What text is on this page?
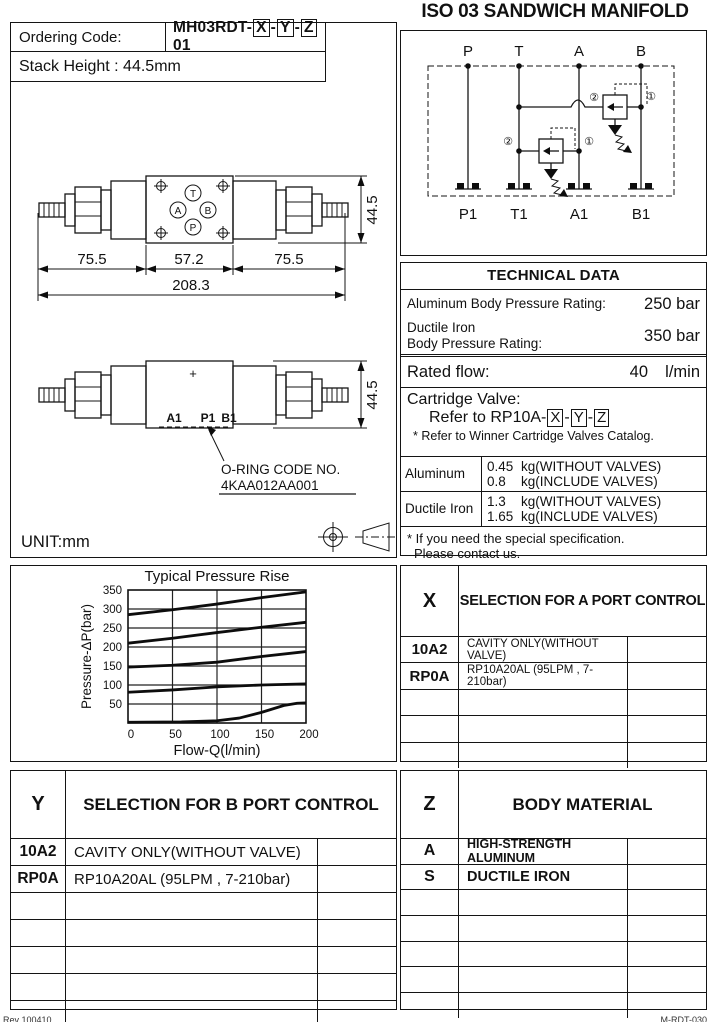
T
A B
P
75.5	57.2	75.5
208.3
44.5
+
A1 P1 B1
O-RING CODE NO.
4KAA012AA001
44.5
UNIT:mm
Ordering Code:
MH03RDT- X - Y - Z01
Stack Height : 44.5mm
ISO 03 SANDWICH MANIFOLD
P	T	A	B
P1 T1	A1	B1
②	①
②	①
TECHNICAL DATA
Aluminum Body Pressure Rating:	250 bar
Ductile Iron
Body Pressure Rating:	350 bar
Rated flow:	40	l/min
Cartridge Valve:
Refer to RP10A- X - Y - Z
* Refer to Winner Cartridge Valves Catalog.
Aluminum	0.45 kg(WITHOUT VALVES)
0.8	kg(INCLUDE VALVES)
Ductile Iron	1.3	kg(WITHOUT VALVES)
1.65 kg(INCLUDE VALVES)
* If you need the special specification.
Please contact us.
0	50 100 150 200
50
100
150
200
250
300
350
Typical Pressure Rise
Flow-Q(l/min)
Pressure-ΔP(bar)
X	SELECTION FOR A PORT CONTROL
10A2	CAVITY ONLY(WITHOUT VALVE)
RP0A	RP10A20AL (95LPM , 7-210bar)
Y	SELECTION FOR B PORT CONTROL
10A2	CAVITY ONLY(WITHOUT VALVE)
RP0A	RP10A20AL (95LPM , 7-210bar)
Z	BODY MATERIAL
A	HIGH-STRENGTH ALUMINUM
S	DUCTILE IRON
Rev 100410	M-RDT-030
